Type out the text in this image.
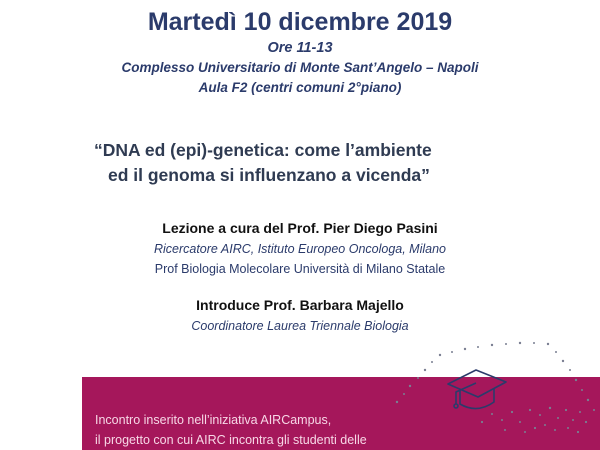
Martedì 10 dicembre 2019
Ore 11-13
Complesso Universitario di Monte Sant’Angelo – Napoli
Aula F2 (centri comuni 2°piano)
“DNA ed (epi)-genetica: come l’ambiente
ed il genoma si influenzano a vicenda”
Lezione a cura del Prof. Pier Diego Pasini
Ricercatore AIRC, Istituto Europeo Oncologa, Milano
Prof Biologia Molecolare Università di Milano Statale
Introduce Prof. Barbara Majello
Coordinatore Laurea Triennale Biologia
Incontro inserito nell’iniziativa AIRCampus,
il progetto con cui AIRC incontra gli studenti delle
